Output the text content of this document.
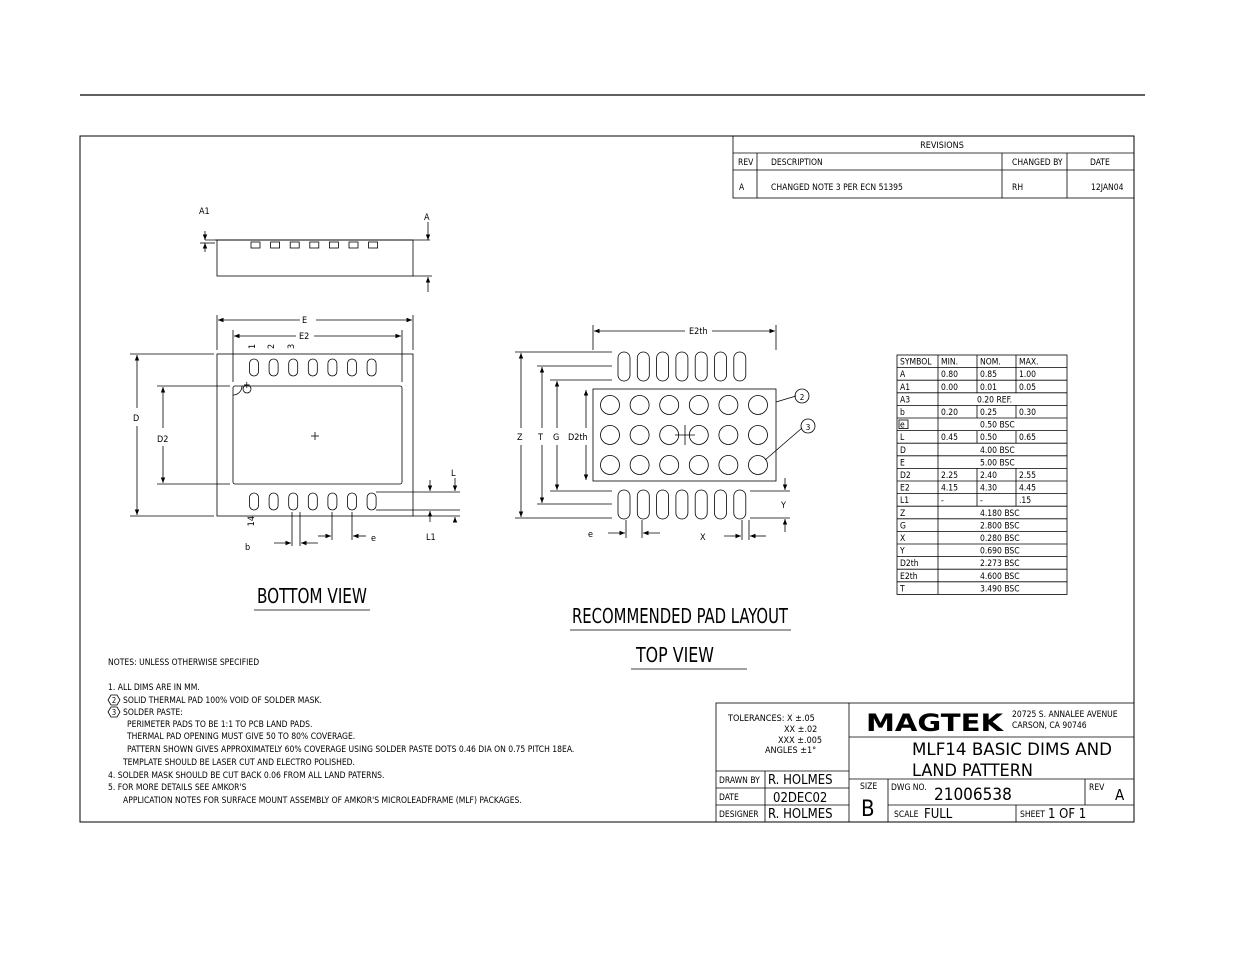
REVISIONS
REV DESCRIPTION	CHANGED BY	DATE
A	CHANGED NOTE 3 PER ECN 51395	RH	12JAN04
A1
A
+
E
E2
D
D2
L
L1
b
e
1 2 3
14
BOTTOM VIEW
2
3
E2th
D2th
Z T G
Y
X
e
RECOMMENDED PAD LAYOUT
TOP VIEW
SYMBOL MIN.	NOM. MAX.
A	0.80	0.85	1.00
A1	0.00	0.01	0.05
A3	0.20 REF.
b	0.20	0.25	0.30
e	0.50 BSC
L	0.45	0.50	0.65
D	4.00 BSC
E	5.00 BSC
D2	2.25	2.40	2.55
E2	4.15	4.30	4.45
L1	-	-	.15
Z	4.180 BSC
G	2.800 BSC
X	0.280 BSC
Y	0.690 BSC
D2th	2.273 BSC
E2th	4.600 BSC
T	3.490 BSC
NOTES: UNLESS OTHERWISE SPECIFIED
1. ALL DIMS ARE IN MM.
SOLID THERMAL PAD 100% VOID OF SOLDER MASK.
SOLDER PASTE:
PERIMETER PADS TO BE 1:1 TO PCB LAND PADS.
THERMAL PAD OPENING MUST GIVE 50 TO 80% COVERAGE.
PATTERN SHOWN GIVES APPROXIMATELY 60% COVERAGE USING SOLDER PASTE DOTS 0.46 DIA ON 0.75 PITCH 18EA.
TEMPLATE SHOULD BE LASER CUT AND ELECTRO POLISHED.
4. SOLDER MASK SHOULD BE CUT BACK 0.06 FROM ALL LAND PATERNS.
5. FOR MORE DETAILS SEE AMKOR'S
APPLICATION NOTES FOR SURFACE MOUNT ASSEMBLY OF AMKOR'S MICROLEADFRAME (MLF) PACKAGES.
2
3
TOLERANCES: X ±.05
XX ±.02
XXX ±.005
ANGLES ±1°
MAGTEK 20725 S. ANNALEE AVENUE
CARSON, CA 90746
MLF14 BASIC DIMS AND
LAND PATTERN
DRAWN BY R. HOLMES
DATE	02DEC02
DESIGNER R. HOLMES
SIZE
B
DWG NO. 21006538	REV A
SCALE FULL	SHEET 1 OF 1
